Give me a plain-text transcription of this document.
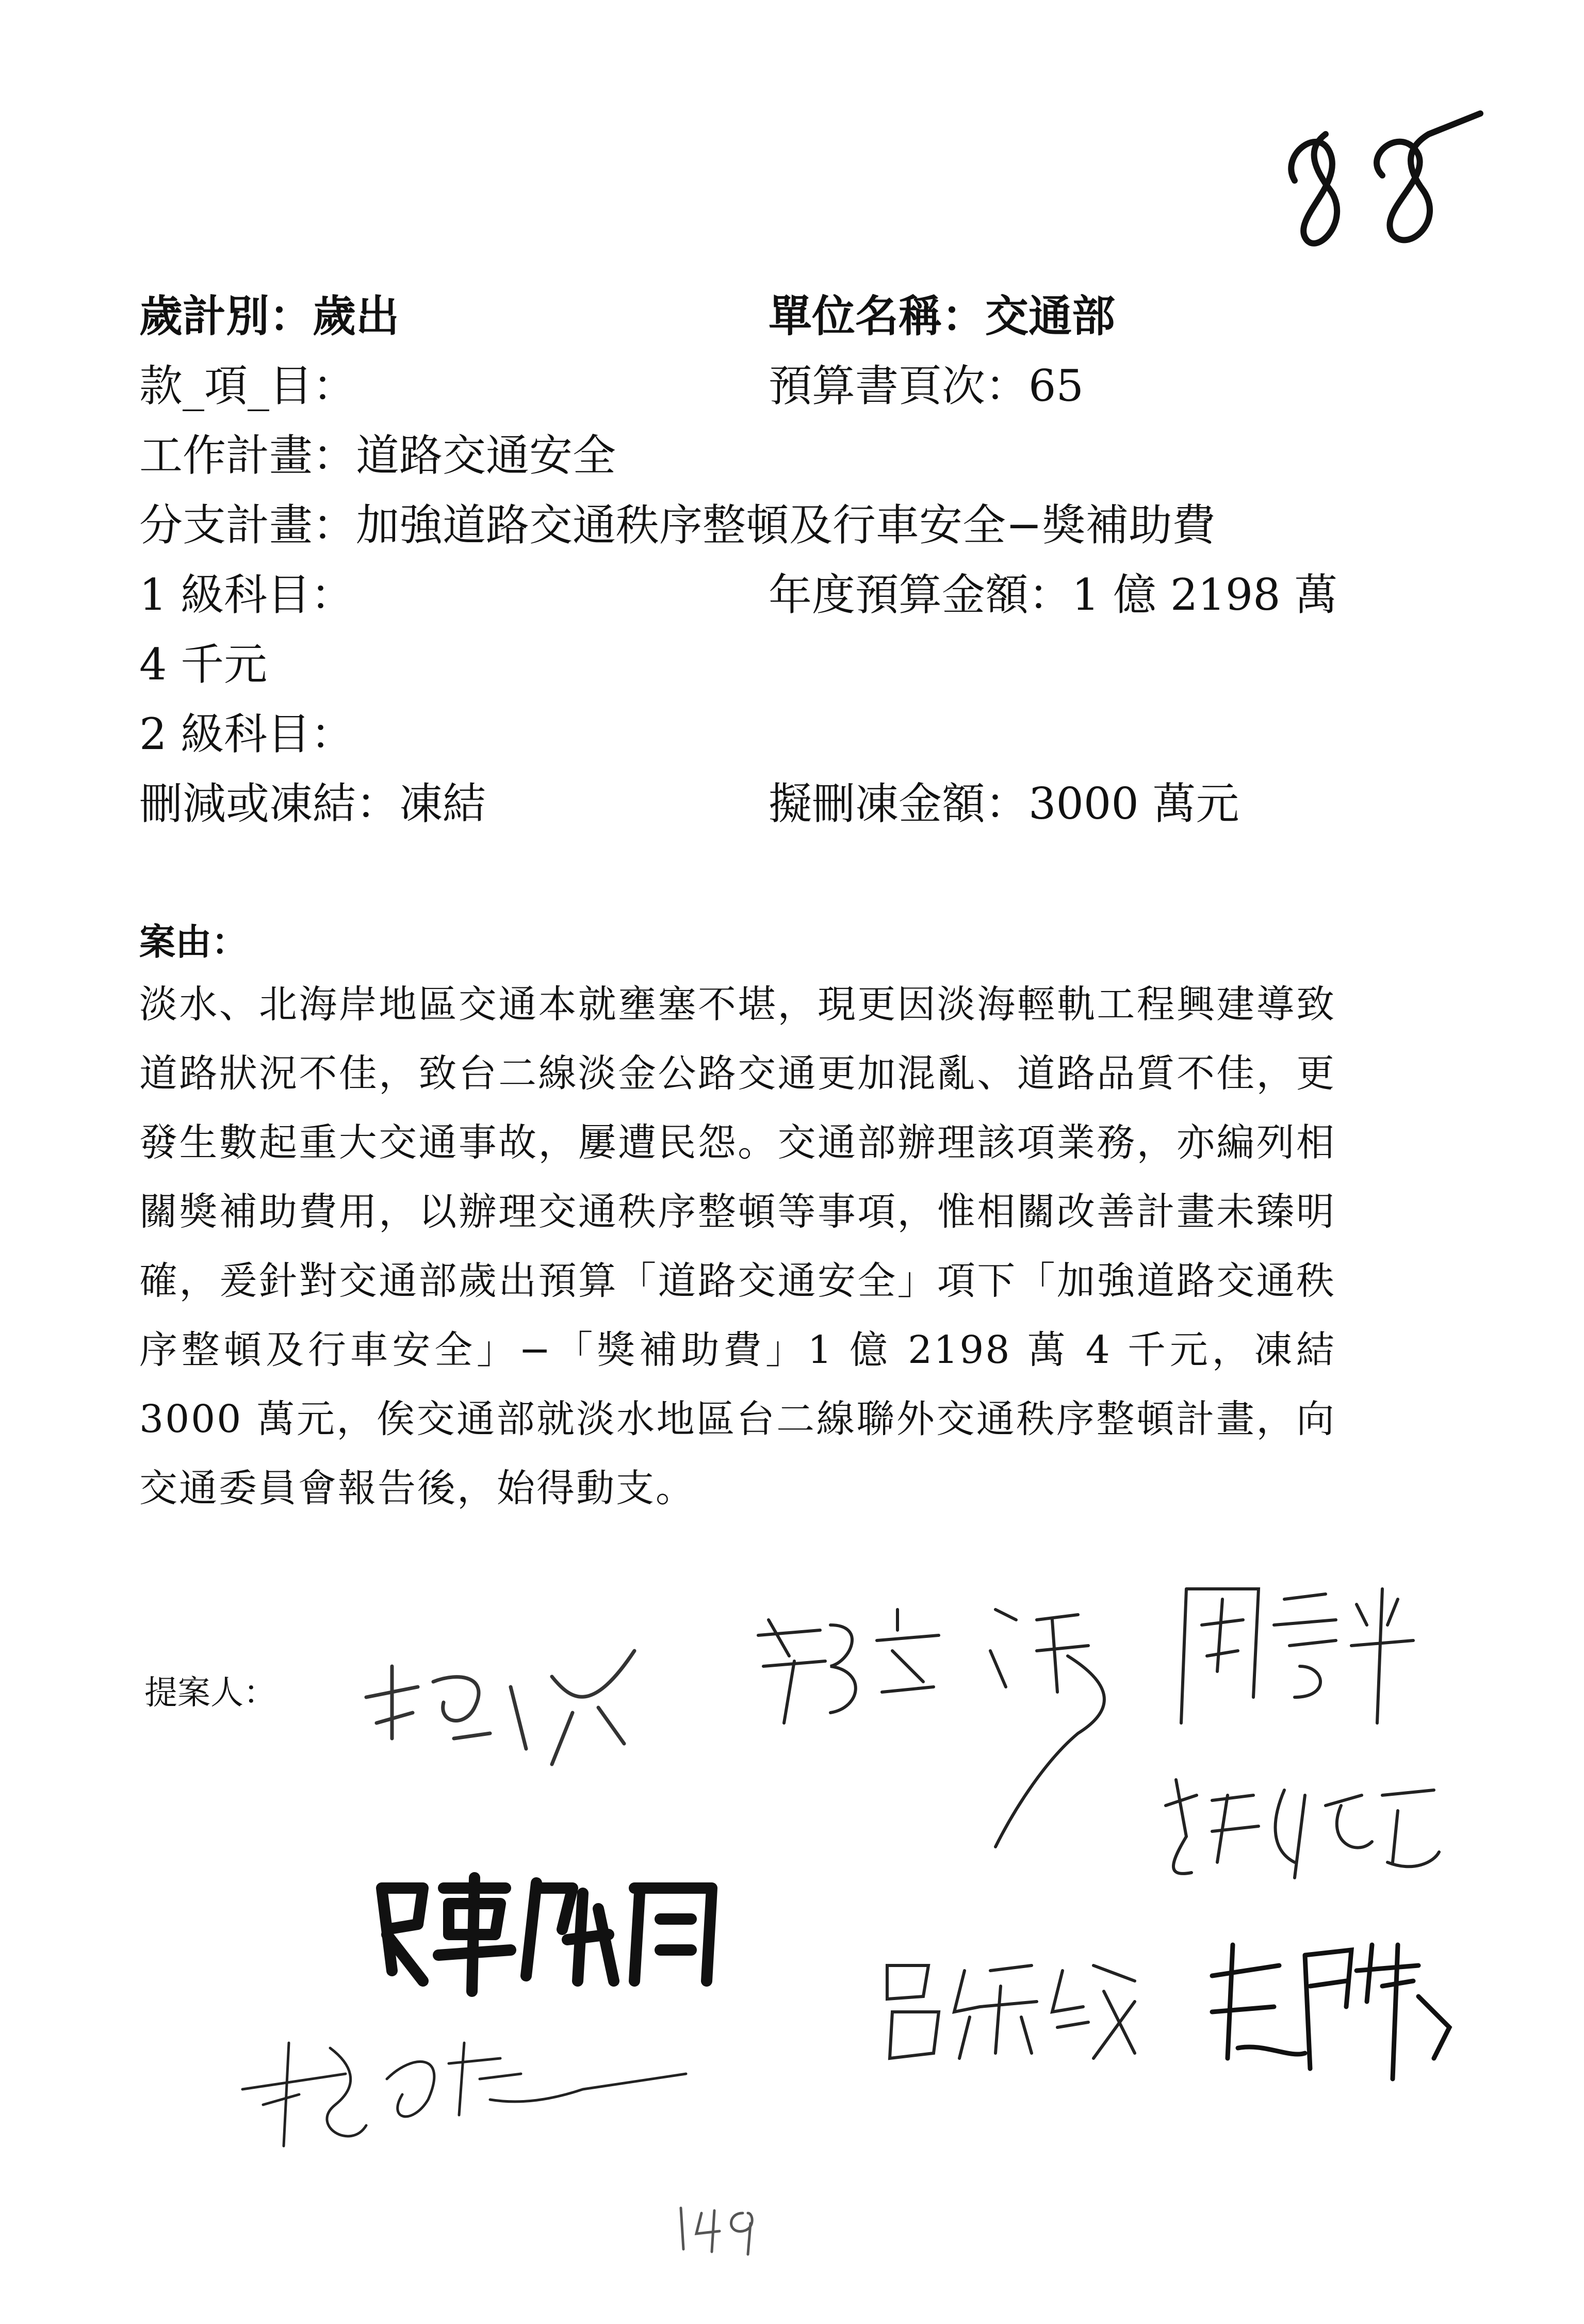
歲計別：歲出	單位名稱：交通部
款_項_目：	預算書頁次：65
工作計畫：道路交通安全
分支計畫：加強道路交通秩序整頓及行車安全−獎補助費
1 級科目：	年度預算金額：1 億 2198 萬
4 千元
2 級科目：
刪減或凍結：凍結	擬刪凍金額：3000 萬元
案由：
淡水、北海岸地區交通本就壅塞不堪，現更因淡海輕軌工程興建導致道路狀況不佳，致台二線淡金公路交通更加混亂、道路品質不佳，更發生數起重大交通事故，屢遭民怨。交通部辦理該項業務，亦編列相關獎補助費用，以辦理交通秩序整頓等事項，惟相關改善計畫未臻明確，爰針對交通部歲出預算「道路交通安全」項下「加強道路交通秩序整頓及行車安全」−「獎補助費」1 億 2198 萬 4 千元，凍結 3000 萬元，俟交通部就淡水地區台二線聯外交通秩序整頓計畫，向交通委員會報告後，始得動支。
提案人：
